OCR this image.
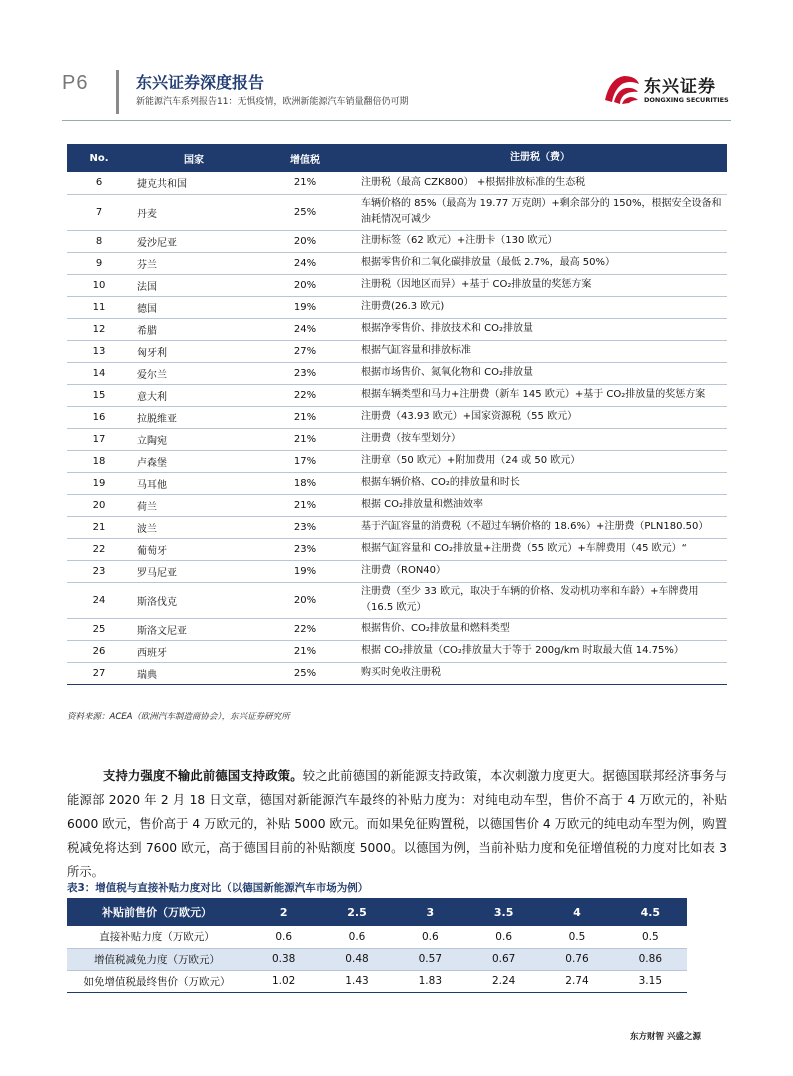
P6	东兴证券深度报告
新能源汽车系列报告11：无惧疫情，欧洲新能源汽车销量翻倍仍可期
东兴证券
DONGXING SECURITIES
No.	国家	增值税	注册税（费）
6	捷克共和国	21%	注册税（最高 CZK800） +根据排放标准的生态税
7	丹麦	25%	车辆价格的 85%（最高为 19.77 万克朗）+剩余部分的 150%，根据安全设备和油耗情况可减少
8	爱沙尼亚	20%	注册标签（62 欧元）+注册卡（130 欧元）
9	芬兰	24%	根据零售价和二氧化碳排放量（最低 2.7%，最高 50%）
10	法国	20%	注册税（因地区而异）+基于 CO₂排放量的奖惩方案
11	德国	19%	注册费(26.3 欧元)
12	希腊	24%	根据净零售价、排放技术和 CO₂排放量
13	匈牙利	27%	根据气缸容量和排放标准
14	爱尔兰	23%	根据市场售价、氮氧化物和 CO₂排放量
15	意大利	22%	根据车辆类型和马力+注册费（新车 145 欧元）+基于 CO₂排放量的奖惩方案
16	拉脱维亚	21%	注册费（43.93 欧元）+国家资源税（55 欧元）
17	立陶宛	21%	注册费（按车型划分）
18	卢森堡	17%	注册章（50 欧元）+附加费用（24 或 50 欧元）
19	马耳他	18%	根据车辆价格、CO₂的排放量和时长
20	荷兰	21%	根据 CO₂排放量和燃油效率
21	波兰	23%	基于汽缸容量的消费税（不超过车辆价格的 18.6%）+注册费（PLN180.50）
22	葡萄牙	23%	根据气缸容量和 CO₂排放量+注册费（55 欧元）+车牌费用（45 欧元）“
23	罗马尼亚	19%	注册费（RON40）
24	斯洛伐克	20%	注册费（至少 33 欧元，取决于车辆的价格、发动机功率和车龄）+车牌费用（16.5 欧元）
25	斯洛文尼亚	22%	根据售价、CO₂排放量和燃料类型
26	西班牙	21%	根据 CO₂排放量（CO₂排放量大于等于 200g/km 时取最大值 14.75%）
27	瑞典	25%	购买时免收注册税
资料来源：ACEA（欧洲汽车制造商协会），东兴证券研究所
支持力强度不输此前德国支持政策。较之此前德国的新能源支持政策，本次刺激力度更大。据德国联邦经济事务与能源部 2020 年 2 月 18 日文章，德国对新能源汽车最终的补贴力度为：对纯电动车型，售价不高于 4 万欧元的，补贴 6000 欧元，售价高于 4 万欧元的，补贴 5000 欧元。而如果免征购置税，以德国售价 4 万欧元的纯电动车型为例，购置税减免将达到 7600 欧元，高于德国目前的补贴额度 5000。以德国为例，当前补贴力度和免征增值税的力度对比如表 3 所示。
表3：增值税与直接补贴力度对比（以德国新能源汽车市场为例）
补贴前售价（万欧元）	2	2.5	3	3.5	4	4.5
直接补贴力度（万欧元）	0.6	0.6	0.6	0.6	0.5	0.5
增值税减免力度（万欧元）	0.38	0.48	0.57	0.67	0.76	0.86
如免增值税最终售价（万欧元）	1.02	1.43	1.83	2.24	2.74	3.15
东方财智 兴盛之源
